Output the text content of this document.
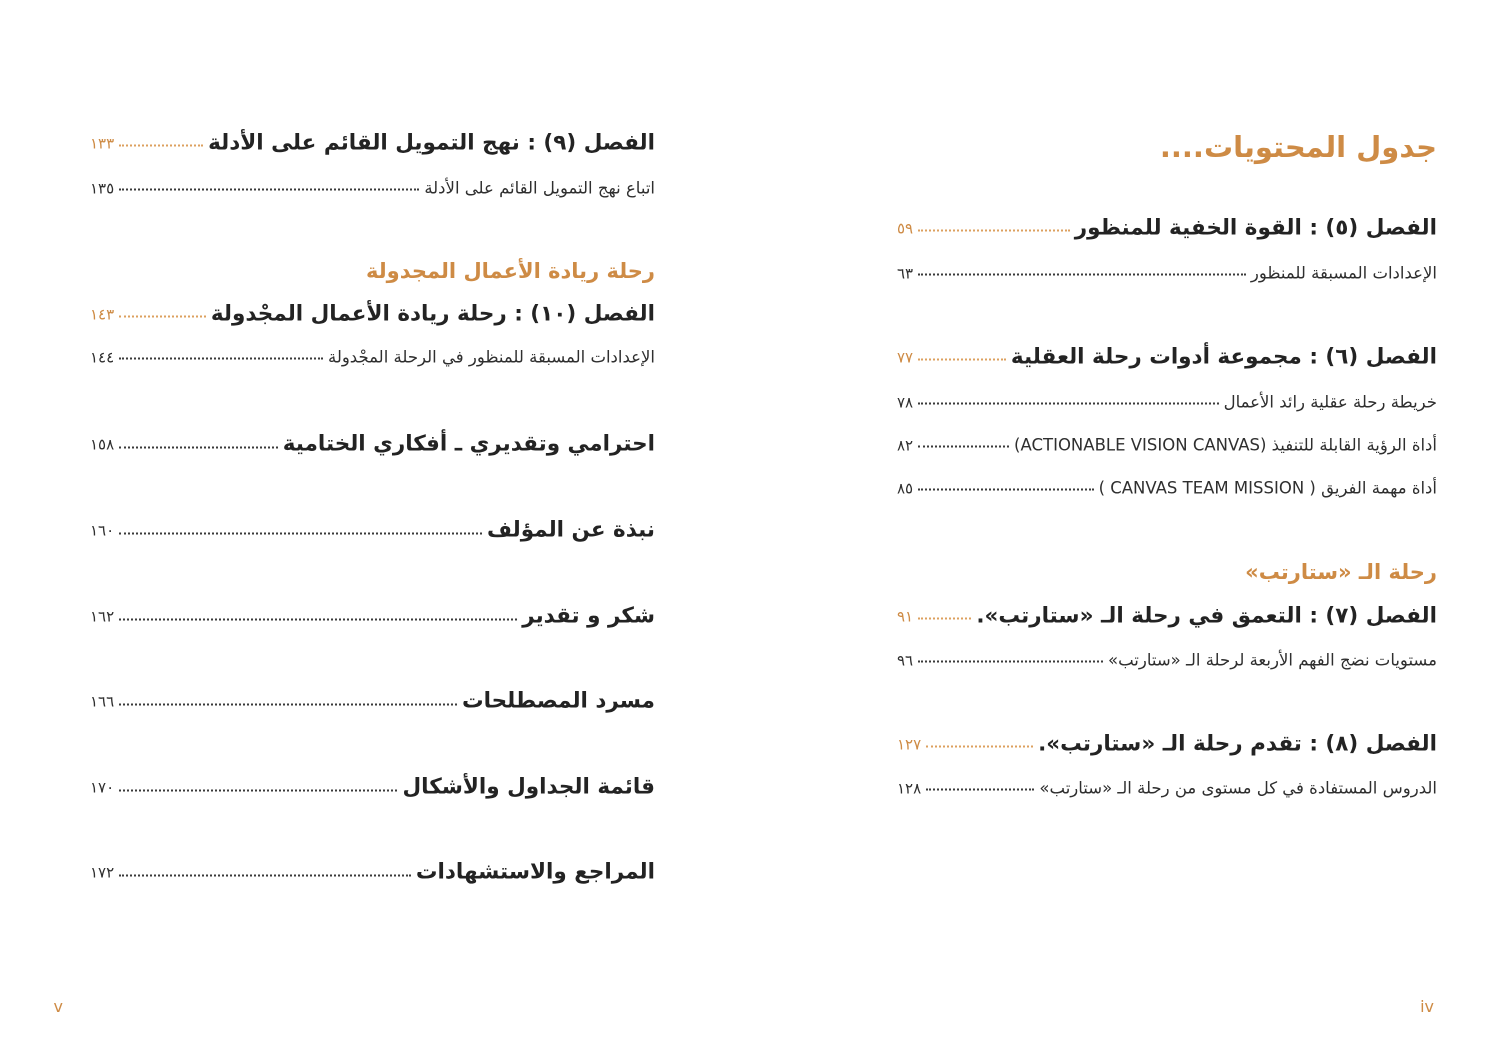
جدول المحتويات....
الفصل (٥) : القوة الخفية للمنظور
٥٩
الإعدادات المسبقة للمنظور
٦٣
الفصل (٦) : مجموعة أدوات رحلة العقلية
٧٧
خريطة رحلة عقلية رائد الأعمال
٧٨
أداة الرؤية القابلة للتنفيذ (ACTIONABLE VISION CANVAS)
٨٢
أداة مهمة الفريق ( CANVAS TEAM MISSION )
٨٥
رحلة الـ «ستارتب»
الفصل (٧) : التعمق في رحلة الـ «ستارتب».
٩١
مستويات نضج الفهم الأربعة لرحلة الـ «ستارتب»
٩٦
الفصل (٨) : تقدم رحلة الـ «ستارتب».
١٢٧
الدروس المستفادة في كل مستوى من رحلة الـ «ستارتب»
١٢٨
الفصل (٩) : نهج التمويل القائم على الأدلة
١٣٣
اتباع نهج التمويل القائم على الأدلة
١٣٥
رحلة ريادة الأعمال المجدولة
الفصل (١٠) : رحلة ريادة الأعمال المجْدولة
١٤٣
الإعدادات المسبقة للمنظور في الرحلة المجْدولة
١٤٤
احترامي وتقديري ـ أفكاري الختامية
١٥٨
نبذة عن المؤلف
١٦٠
شكر و تقدير
١٦٢
مسرد المصطلحات
١٦٦
قائمة الجداول والأشكال
١٧٠
المراجع والاستشهادات
١٧٢
iv
v
